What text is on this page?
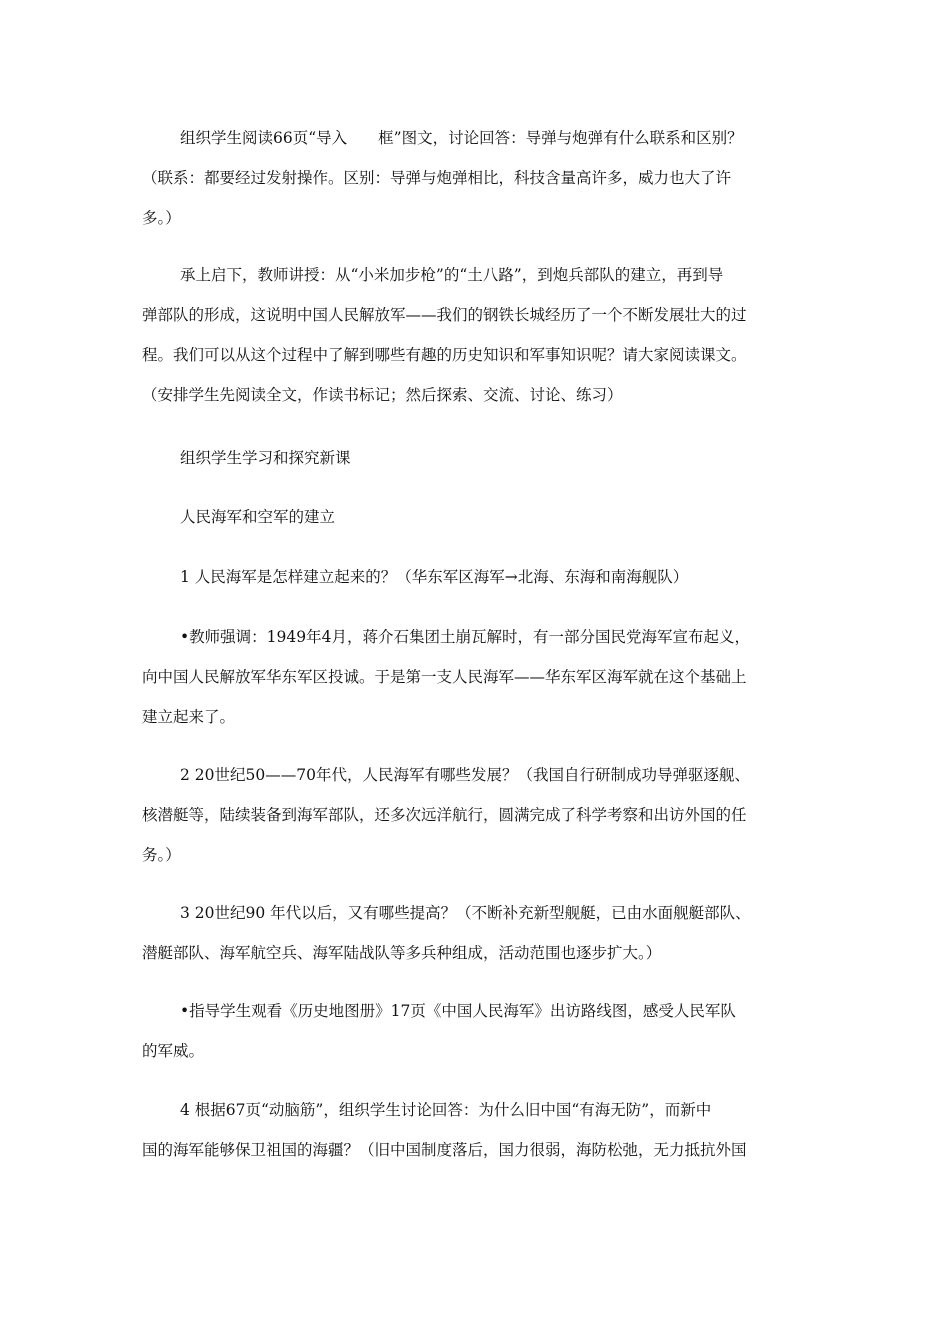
组织学生阅读66页“导入　　框”图文，讨论回答：导弹与炮弹有什么联系和区别？
（联系：都要经过发射操作。区别：导弹与炮弹相比，科技含量高许多，威力也大了许
多。）
承上启下，教师讲授：从“小米加步枪”的“土八路”，到炮兵部队的建立，再到导
弹部队的形成，这说明中国人民解放军——我们的钢铁长城经历了一个不断发展壮大的过
程。我们可以从这个过程中了解到哪些有趣的历史知识和军事知识呢？请大家阅读课文。
（安排学生先阅读全文，作读书标记；然后探索、交流、讨论、练习）
组织学生学习和探究新课
人民海军和空军的建立
1 人民海军是怎样建立起来的？（华东军区海军→北海、东海和南海舰队）
•教师强调：1949年4月，蒋介石集团土崩瓦解时，有一部分国民党海军宣布起义，
向中国人民解放军华东军区投诚。于是第一支人民海军——华东军区海军就在这个基础上
建立起来了。
2 20世纪50——70年代，人民海军有哪些发展？（我国自行研制成功导弹驱逐舰、
核潜艇等，陆续装备到海军部队，还多次远洋航行，圆满完成了科学考察和出访外国的任
务。）
3 20世纪90 年代以后，又有哪些提高？（不断补充新型舰艇，已由水面舰艇部队、
潜艇部队、海军航空兵、海军陆战队等多兵种组成，活动范围也逐步扩大。）
•指导学生观看《历史地图册》17页《中国人民海军》出访路线图，感受人民军队
的军威。
4 根据67页“动脑筋”，组织学生讨论回答：为什么旧中国“有海无防”，而新中
国的海军能够保卫祖国的海疆？（旧中国制度落后，国力很弱，海防松弛，无力抵抗外国
